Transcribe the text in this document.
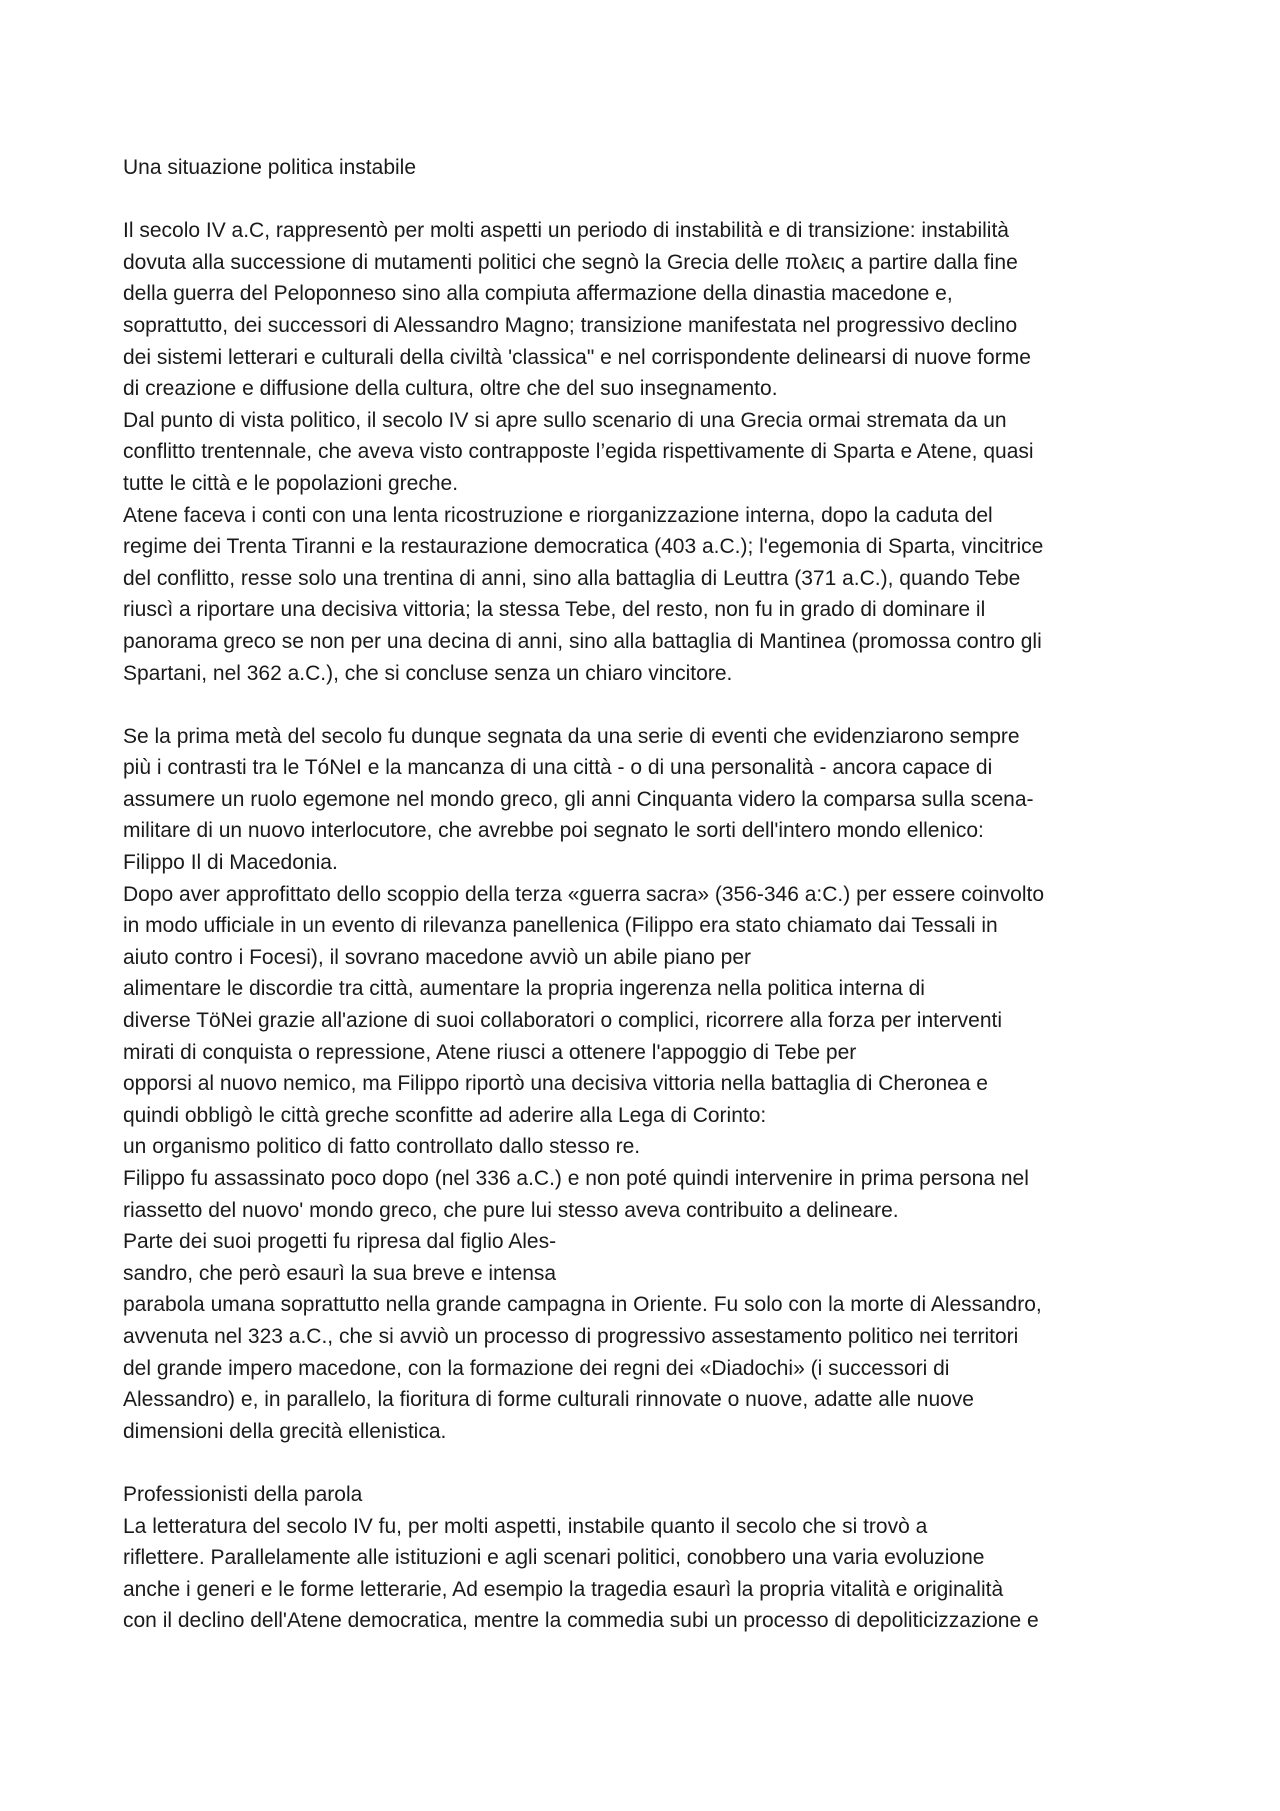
Una situazione politica instabile
Il secolo IV a.C, rappresentò per molti aspetti un periodo di instabilità e di transizione: instabilità
dovuta alla successione di mutamenti politici che segnò la Grecia delle πολεις a partire dalla fine
della guerra del Peloponneso sino alla compiuta affermazione della dinastia macedone e,
soprattutto, dei successori di Alessandro Magno; transizione manifestata nel progressivo declino
dei sistemi letterari e culturali della civiltà 'classica" e nel corrispondente delinearsi di nuove forme
di creazione e diffusione della cultura, oltre che del suo insegnamento.
Dal punto di vista politico, il secolo IV si apre sullo scenario di una Grecia ormai stremata da un
conflitto trentennale, che aveva visto contrapposte l’egida rispettivamente di Sparta e Atene, quasi
tutte le città e le popolazioni greche.
Atene faceva i conti con una lenta ricostruzione e riorganizzazione interna, dopo la caduta del
regime dei Trenta Tiranni e la restaurazione democratica (403 a.C.); l'egemonia di Sparta, vincitrice
del conflitto, resse solo una trentina di anni, sino alla battaglia di Leuttra (371 a.C.), quando Tebe
riuscì a riportare una decisiva vittoria; la stessa Tebe, del resto, non fu in grado di dominare il
panorama greco se non per una decina di anni, sino alla battaglia di Mantinea (promossa contro gli
Spartani, nel 362 a.C.), che si concluse senza un chiaro vincitore.
Se la prima metà del secolo fu dunque segnata da una serie di eventi che evidenziarono sempre
più i contrasti tra le TóNeI e la mancanza di una città - o di una personalità - ancora capace di
assumere un ruolo egemone nel mondo greco, gli anni Cinquanta videro la comparsa sulla scena-
militare di un nuovo interlocutore, che avrebbe poi segnato le sorti dell'intero mondo ellenico:
Filippo Il di Macedonia.
Dopo aver approfittato dello scoppio della terza «guerra sacra» (356-346 a:C.) per essere coinvolto
in modo ufficiale in un evento di rilevanza panellenica (Filippo era stato chiamato dai Tessali in
aiuto contro i Focesi), il sovrano macedone avviò un abile piano per
alimentare le discordie tra città, aumentare la propria ingerenza nella politica interna di
diverse TöNei grazie all'azione di suoi collaboratori o complici, ricorrere alla forza per interventi
mirati di conquista o repressione, Atene riusci a ottenere l'appoggio di Tebe per
opporsi al nuovo nemico, ma Filippo riportò una decisiva vittoria nella battaglia di Cheronea e
quindi obbligò le città greche sconfitte ad aderire alla Lega di Corinto:
un organismo politico di fatto controllato dallo stesso re.
Filippo fu assassinato poco dopo (nel 336 a.C.) e non poté quindi intervenire in prima persona nel
riassetto del nuovo' mondo greco, che pure lui stesso aveva contribuito a delineare.
Parte dei suoi progetti fu ripresa dal figlio Ales-
sandro, che però esaurì la sua breve e intensa
parabola umana soprattutto nella grande campagna in Oriente. Fu solo con la morte di Alessandro,
avvenuta nel 323 a.C., che si avviò un processo di progressivo assestamento politico nei territori
del grande impero macedone, con la formazione dei regni dei «Diadochi» (i successori di
Alessandro) e, in parallelo, la fioritura di forme culturali rinnovate o nuove, adatte alle nuove
dimensioni della grecità ellenistica.
Professionisti della parola
La letteratura del secolo IV fu, per molti aspetti, instabile quanto il secolo che si trovò a
riflettere. Parallelamente alle istituzioni e agli scenari politici, conobbero una varia evoluzione
anche i generi e le forme letterarie, Ad esempio la tragedia esaurì la propria vitalità e originalità
con il declino dell'Atene democratica, mentre la commedia subi un processo di depoliticizzazione e
